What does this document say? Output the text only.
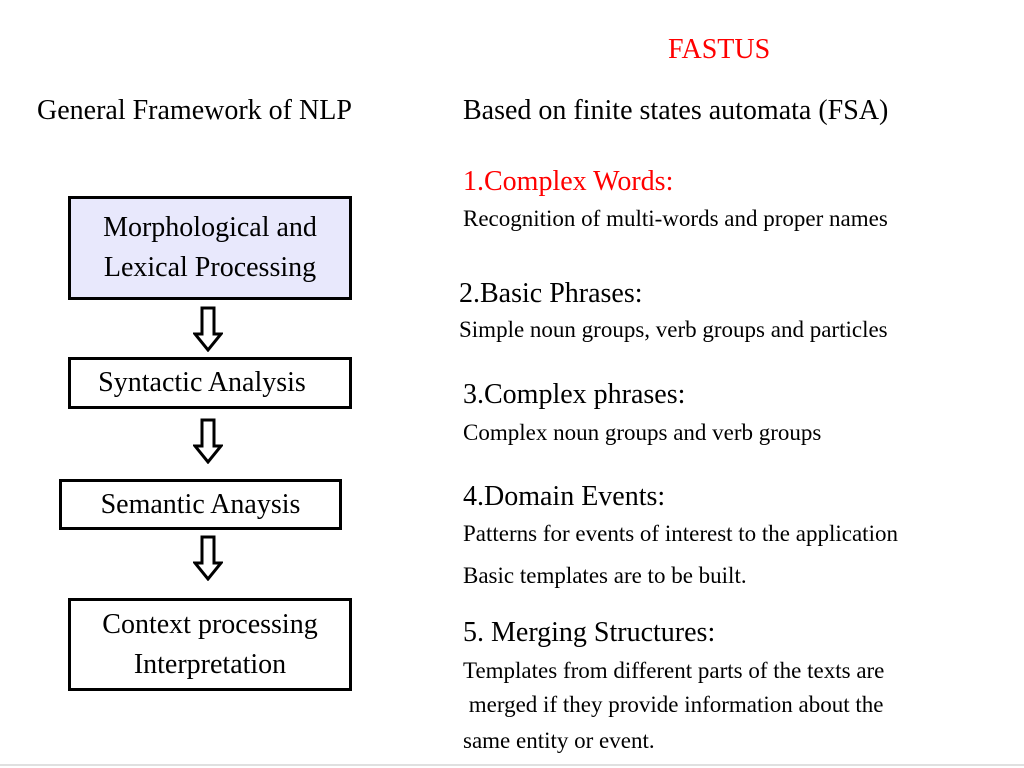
FASTUS
General Framework of NLP	Based on finite states automata (FSA)
Morphological and
Lexical Processing
Syntactic Analysis
Semantic Anaysis
Context processing
Interpretation
1.Complex Words:
Recognition of multi-words and proper names
2.Basic Phrases:
Simple noun groups, verb groups and particles
3.Complex phrases:
Complex noun groups and verb groups
4.Domain Events:
Patterns for events of interest to the application
Basic templates are to be built.
5. Merging Structures:
Templates from different parts of the texts are
merged if they provide information about the
same entity or event.
